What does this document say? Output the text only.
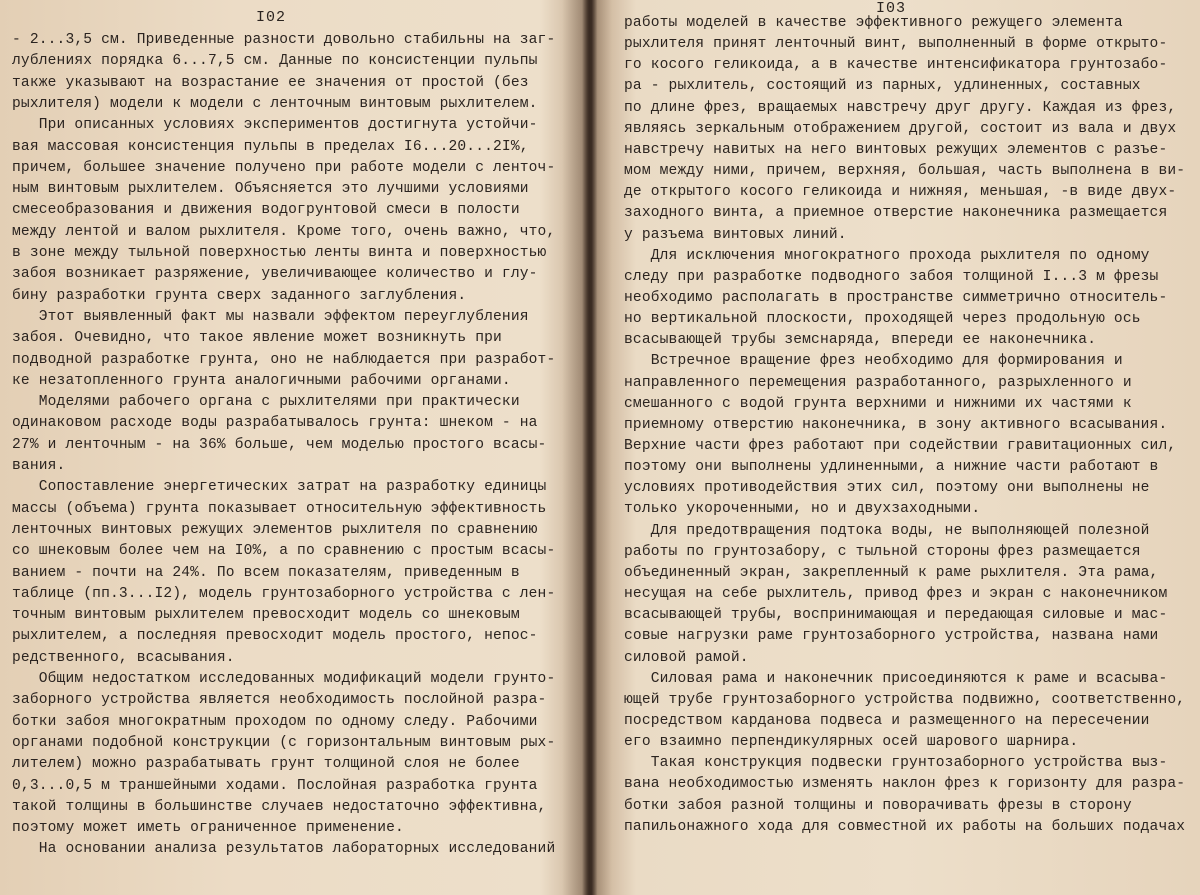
I02
- 2...3,5 см. Приведенные разности довольно стабильны на заг-
лублениях порядка 6...7,5 см. Данные по консистенции пульпы
также указывают на возрастание ее значения от простой (без
рыхлителя) модели к модели с ленточным винтовым рыхлителем.
При описанных условиях экспериментов достигнута устойчи-
вая массовая консистенция пульпы в пределах I6...20...2I%,
причем, большее значение получено при работе модели с ленточ-
ным винтовым рыхлителем. Объясняется это лучшими условиями
смесеобразования и движения водогрунтовой смеси в полости
между лентой и валом рыхлителя. Кроме того, очень важно, что,
в зоне между тыльной поверхностью ленты винта и поверхностью
забоя возникает разряжение, увеличивающее количество и глу-
бину разработки грунта сверх заданного заглубления.
Этот выявленный факт мы назвали эффектом переуглубления
забоя. Очевидно, что такое явление может возникнуть при
подводной разработке грунта, оно не наблюдается при разработ-
ке незатопленного грунта аналогичными рабочими органами.
Моделями рабочего органа с рыхлителями при практически
одинаковом расходе воды разрабатывалось грунта: шнеком - на
27% и ленточным - на 36% больше, чем моделью простого всасы-
вания.
Сопоставление энергетических затрат на разработку единицы
массы (объема) грунта показывает относительную эффективность
ленточных винтовых режущих элементов рыхлителя по сравнению
со шнековым более чем на I0%, а по сравнению с простым всасы-
ванием - почти на 24%. По всем показателям, приведенным в
таблице (пп.3...I2), модель грунтозаборного устройства с лен-
точным винтовым рыхлителем превосходит модель со шнековым
рыхлителем, а последняя превосходит модель простого, непос-
редственного, всасывания.
Общим недостатком исследованных модификаций модели грунто-
заборного устройства является необходимость послойной разра-
ботки забоя многократным проходом по одному следу. Рабочими
органами подобной конструкции (с горизонтальным винтовым рых-
лителем) можно разрабатывать грунт толщиной слоя не более
0,3...0,5 м траншейными ходами. Послойная разработка грунта
такой толщины в большинстве случаев недостаточно эффективна,
поэтому может иметь ограниченное применение.
На основании анализа результатов лабораторных исследований
I03
работы моделей в качестве эффективного режущего элемента
рыхлителя принят ленточный винт, выполненный в форме открыто-
го косого геликоида, а в качестве интенсификатора грунтозабо-
ра - рыхлитель, состоящий из парных, удлиненных, составных
по длине фрез, вращаемых навстречу друг другу. Каждая из фрез,
являясь зеркальным отображением другой, состоит из вала и двух
навстречу навитых на него винтовых режущих элементов с разъе-
мом между ними, причем, верхняя, большая, часть выполнена в ви-
де открытого косого геликоида и нижняя, меньшая, -в виде двух-
заходного винта, а приемное отверстие наконечника размещается
у разъема винтовых линий.
Для исключения многократного прохода рыхлителя по одному
следу при разработке подводного забоя толщиной I...3 м фрезы
необходимо располагать в пространстве симметрично относитель-
но вертикальной плоскости, проходящей через продольную ось
всасывающей трубы земснаряда, впереди ее наконечника.
Встречное вращение фрез необходимо для формирования и
направленного перемещения разработанного, разрыхленного и
смешанного с водой грунта верхними и нижними их частями к
приемному отверстию наконечника, в зону активного всасывания.
Верхние части фрез работают при содействии гравитационных сил,
поэтому они выполнены удлиненными, а нижние части работают в
условиях противодействия этих сил, поэтому они выполнены не
только укороченными, но и двухзаходными.
Для предотвращения подтока воды, не выполняющей полезной
работы по грунтозабору, с тыльной стороны фрез размещается
объединенный экран, закрепленный к раме рыхлителя. Эта рама,
несущая на себе рыхлитель, привод фрез и экран с наконечником
всасывающей трубы, воспринимающая и передающая силовые и мас-
совые нагрузки раме грунтозаборного устройства, названа нами
силовой рамой.
Силовая рама и наконечник присоединяются к раме и всасыва-
ющей трубе грунтозаборного устройства подвижно, соответственно,
посредством карданова подвеса и размещенного на пересечении
его взаимно перпендикулярных осей шарового шарнира.
Такая конструкция подвески грунтозаборного устройства выз-
вана необходимостью изменять наклон фрез к горизонту для разра-
ботки забоя разной толщины и поворачивать фрезы в сторону
папильонажного хода для совместной их работы на больших подачах
